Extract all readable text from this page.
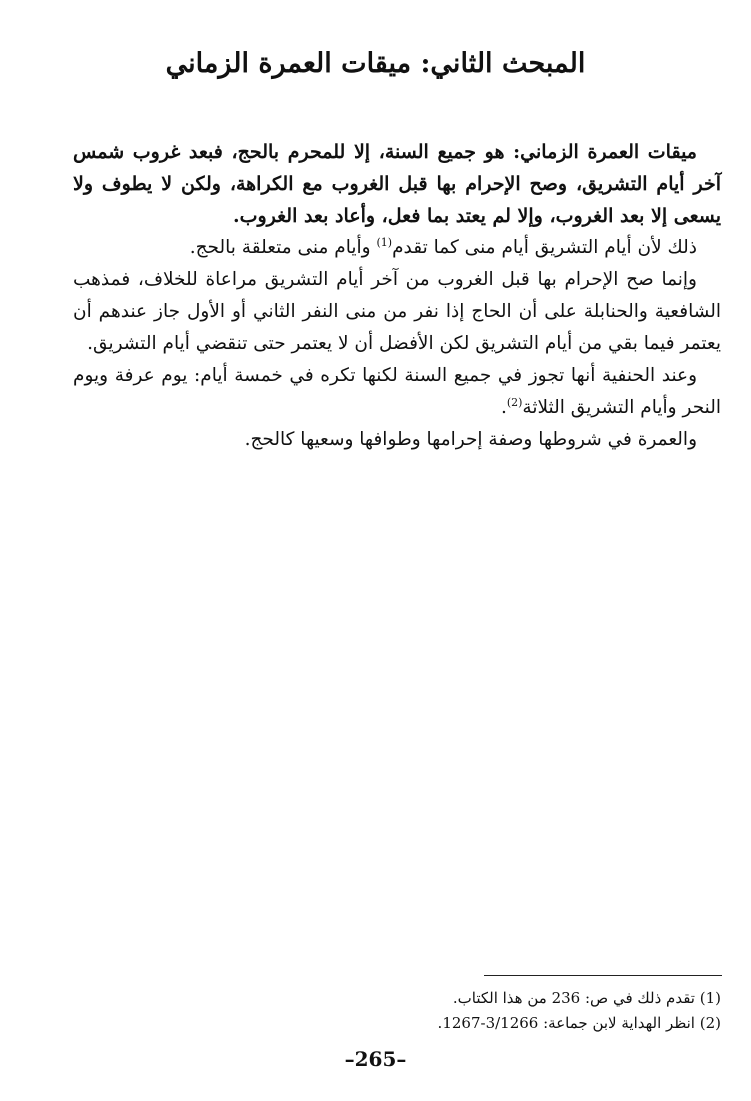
المبحث الثاني: ميقات العمرة الزماني

ميقات العمرة الزماني: هو جميع السنة، إلا للمحرم بالحج، فبعد غروب شمس آخر أيام التشريق، وصح الإحرام بها قبل الغروب مع الكراهة، ولكن لا يطوف ولا يسعى إلا بعد الغروب، وإلا لم يعتد بما فعل، وأعاد بعد الغروب.

ذلك لأن أيام التشريق أيام منى كما تقدم$^{(1)}$ وأيام منى متعلقة بالحج.

وإنما صح الإحرام بها قبل الغروب من آخر أيام التشريق مراعاة للخلاف، فمذهب الشافعية والحنابلة على أن الحاج إذا نفر من منى النفر الثاني أو الأول جاز عندهم أن يعتمر فيما بقي من أيام التشريق لكن الأفضل أن لا يعتمر حتى تنقضي أيام التشريق.

وعند الحنفية أنها تجوز في جميع السنة لكنها تكره في خمسة أيام: يوم عرفة ويوم النحر وأيام التشريق الثلاثة$^{(2)}$.

والعمرة في شروطها وصفة إحرامها وطوافها وسعيها كالحج.

(1) تقدم ذلك في ص: 236 من هذا الكتاب.

(2) انظر الهداية لابن جماعة: 3/1266-1267.

–265–
